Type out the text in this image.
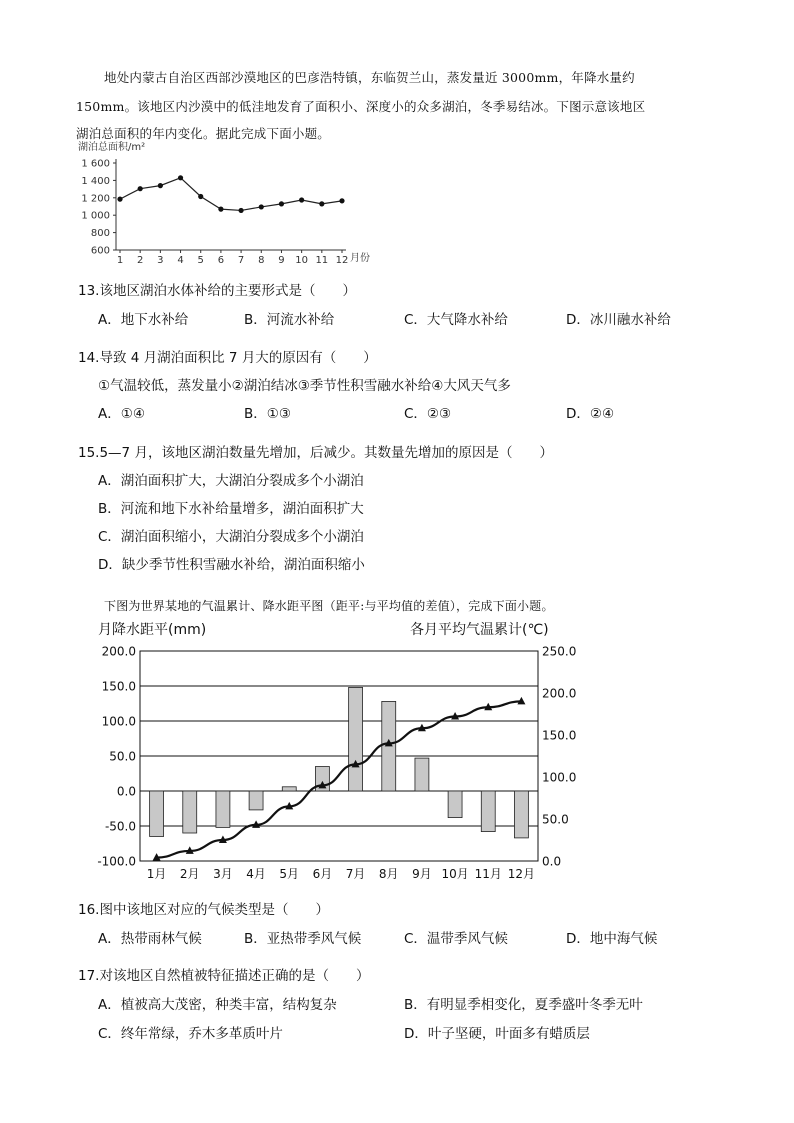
地处内蒙古自治区西部沙漠地区的巴彦浩特镇，东临贺兰山，蒸发量近 3000mm，年降水量约
150mm。该地区内沙漠中的低洼地发育了面积小、深度小的众多湖泊，冬季易结冰。下图示意该地区
湖泊总面积的年内变化。据此完成下面小题。
湖泊总面积/m²
1 600
1 400
1 200
1 000
800
600
1 2 3 4 5 6 7 8 9 10 11 12 月份
13.该地区湖泊水体补给的主要形式是（　　）
A．地下水补给	B．河流水补给	C．大气降水补给	D．冰川融水补给
14.导致 4 月湖泊面积比 7 月大的原因有（　　）
①气温较低，蒸发量小②湖泊结冰③季节性积雪融水补给④大风天气多
A．①④	B．①③	C．②③	D．②④
15.5—7 月，该地区湖泊数量先增加，后减少。其数量先增加的原因是（　　）
A．湖泊面积扩大，大湖泊分裂成多个小湖泊
B．河流和地下水补给量增多，湖泊面积扩大
C．湖泊面积缩小，大湖泊分裂成多个小湖泊
D．缺少季节性积雪融水补给，湖泊面积缩小
下图为世界某地的气温累计、降水距平图（距平:与平均值的差值），完成下面小题。
月降水距平(mm)	各月平均气温累计(℃)
200.0
150.0
100.0
50.0
0.0
-50.0
-100.0
250.0
200.0
150.0
100.0
50.0
0.0
1月 2月 3月 4月 5月 6月 7月 8月 9月 10月 11月 12月
16.图中该地区对应的气候类型是（　　）
A．热带雨林气候	B．亚热带季风气候	C．温带季风气候	D．地中海气候
17.对该地区自然植被特征描述正确的是（　　）
A．植被高大茂密，种类丰富，结构复杂	B．有明显季相变化，夏季盛叶冬季无叶
C．终年常绿，乔木多革质叶片	D．叶子坚硬，叶面多有蜡质层
